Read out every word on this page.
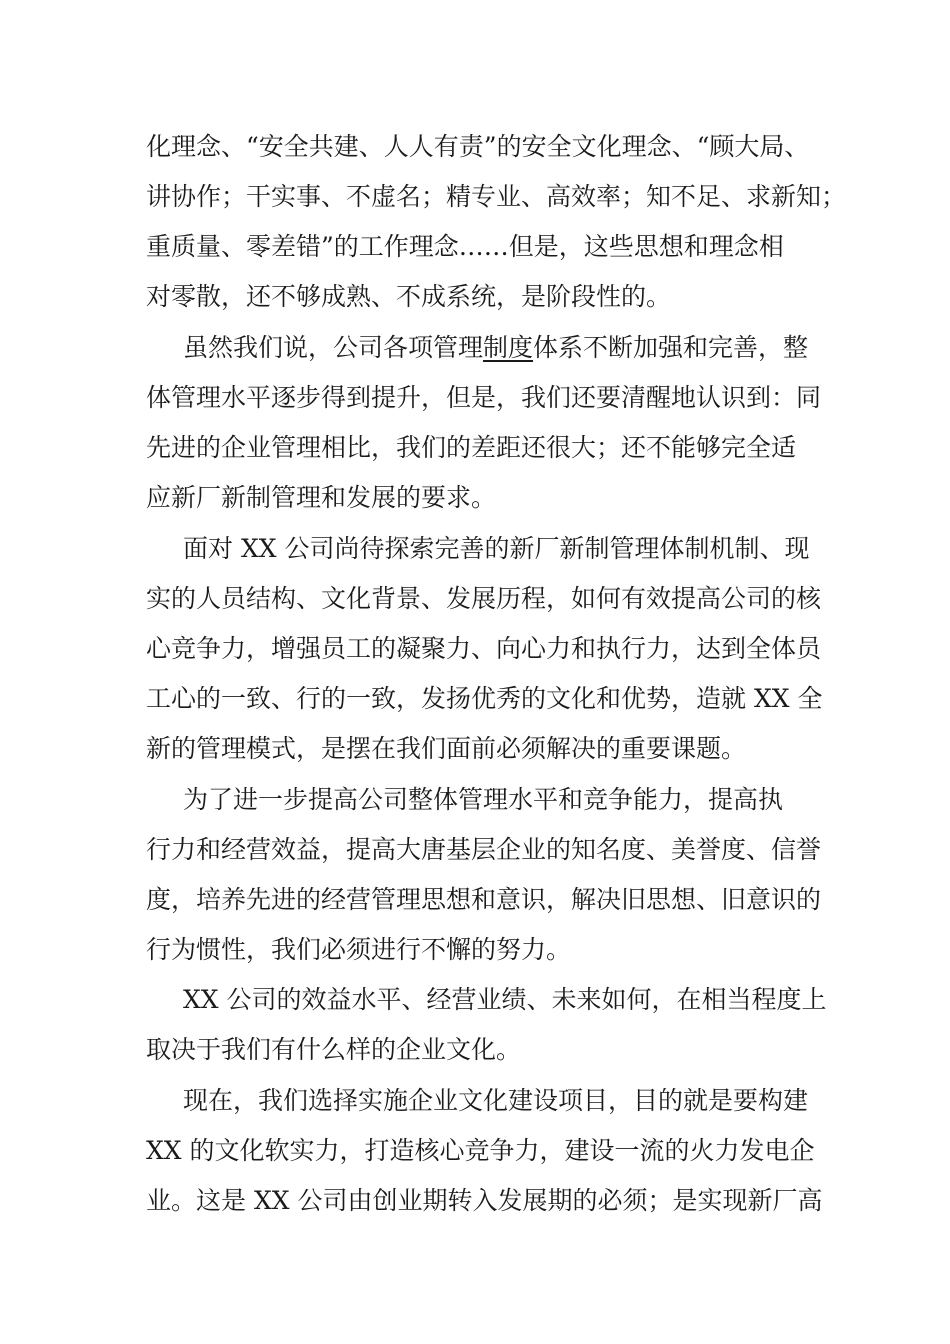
化理念、“安全共建、人人有责”的安全文化理念、“顾大局、
讲协作；干实事、不虚名；精专业、高效率；知不足、求新知；
重质量、零差错”的工作理念……但是，这些思想和理念相
对零散，还不够成熟、不成系统，是阶段性的。
虽然我们说，公司各项管理制度体系不断加强和完善，整
体管理水平逐步得到提升，但是，我们还要清醒地认识到：同
先进的企业管理相比，我们的差距还很大；还不能够完全适
应新厂新制管理和发展的要求。
面对 XX 公司尚待探索完善的新厂新制管理体制机制、现
实的人员结构、文化背景、发展历程，如何有效提高公司的核
心竞争力，增强员工的凝聚力、向心力和执行力，达到全体员
工心的一致、行的一致，发扬优秀的文化和优势，造就 XX 全
新的管理模式，是摆在我们面前必须解决的重要课题。
为了进一步提高公司整体管理水平和竞争能力，提高执
行力和经营效益，提高大唐基层企业的知名度、美誉度、信誉
度，培养先进的经营管理思想和意识，解决旧思想、旧意识的
行为惯性，我们必须进行不懈的努力。
XX 公司的效益水平、经营业绩、未来如何，在相当程度上
取决于我们有什么样的企业文化。
现在，我们选择实施企业文化建设项目，目的就是要构建
XX 的文化软实力，打造核心竞争力，建设一流的火力发电企
业。这是 XX 公司由创业期转入发展期的必须；是实现新厂高
